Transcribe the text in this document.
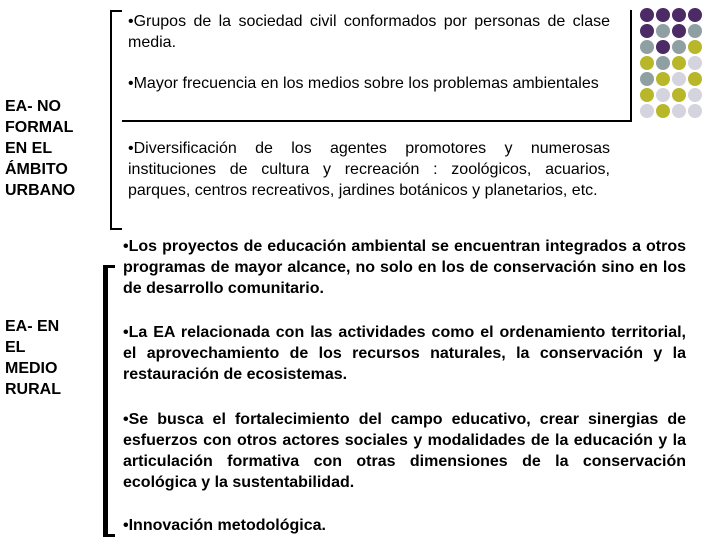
EA- NO
FORMAL
EN EL
ÁMBITO
URBANO
EA- EN
EL
MEDIO
RURAL

•Grupos de la sociedad civil conformados por personas de clase media.

•Mayor frecuencia en los medios sobre los problemas ambientales

•Diversificación de los agentes promotores y numerosas instituciones de cultura y recreación : zoológicos, acuarios, parques, centros recreativos, jardines botánicos y planetarios, etc.

•Los proyectos de educación ambiental se encuentran integrados a otros programas de mayor alcance, no solo en los de conservación sino en los de desarrollo comunitario.

•La EA relacionada con las actividades como el ordenamiento territorial, el aprovechamiento de los recursos naturales, la conservación y la restauración de ecosistemas.

•Se busca el fortalecimiento del campo educativo, crear sinergias de esfuerzos con otros actores sociales y modalidades de la educación y la articulación formativa con otras dimensiones de la conservación ecológica y la sustentabilidad.

•Innovación metodológica.
